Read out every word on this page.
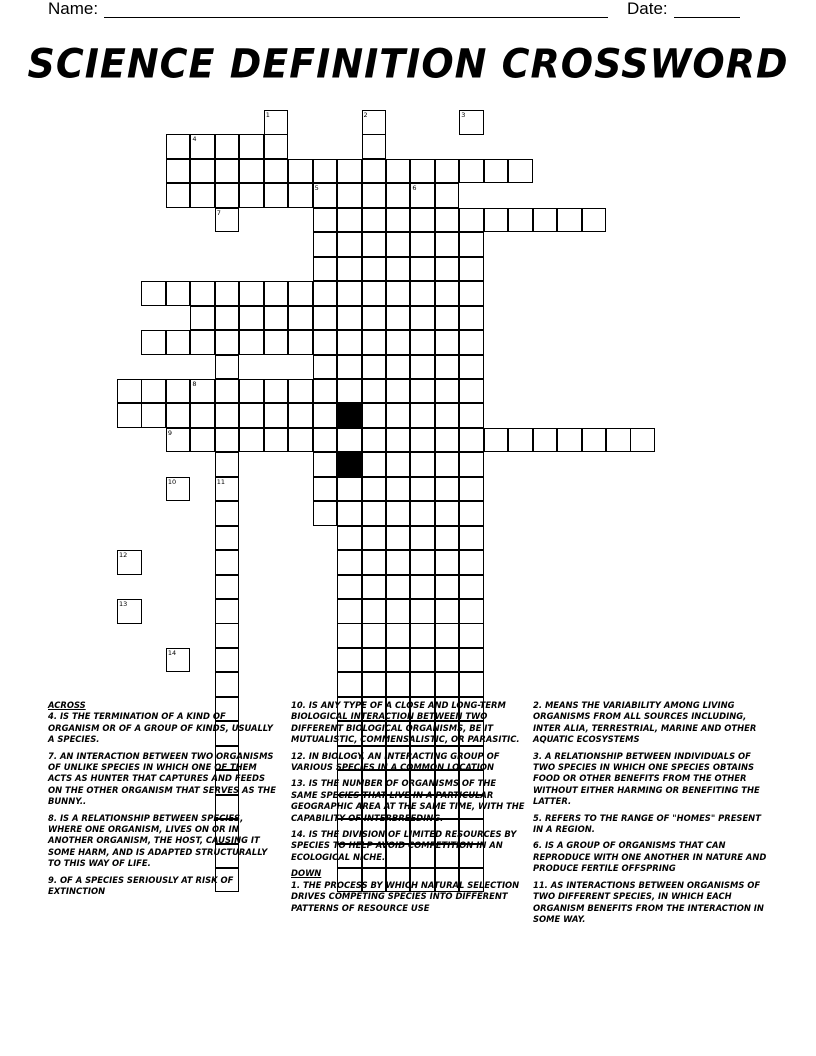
Name:	Date:
SCIENCE DEFINITION CROSSWORD
1	2	3
4
5	6
7
8
9
10	11
12
13
14
ACROSS
4. IS THE TERMINATION OF A KIND OF ORGANISM OR OF A GROUP OF KINDS, USUALLY A SPECIES.
7. AN INTERACTION BETWEEN TWO ORGANISMS OF UNLIKE SPECIES IN WHICH ONE OF THEM ACTS AS HUNTER THAT CAPTURES AND FEEDS ON THE OTHER ORGANISM THAT SERVES AS THE BUNNY..
8. IS A RELATIONSHIP BETWEEN SPECIES, WHERE ONE ORGANISM, LIVES ON OR IN ANOTHER ORGANISM, THE HOST, CAUSING IT SOME HARM, AND IS ADAPTED STRUCTURALLY TO THIS WAY OF LIFE.
9. OF A SPECIES SERIOUSLY AT RISK OF EXTINCTION
10. IS ANY TYPE OF A CLOSE AND LONG-TERM BIOLOGICAL INTERACTION BETWEEN TWO DIFFERENT BIOLOGICAL ORGANISMS, BE IT MUTUALISTIC, COMMENSALISTIC, OR PARASITIC.
12. IN BIOLOGY, AN INTERACTING GROUP OF VARIOUS SPECIES IN A COMMON LOCATION
13. IS THE NUMBER OF ORGANISMS OF THE SAME SPECIES THAT LIVE IN A PARTICULAR GEOGRAPHIC AREA AT THE SAME TIME, WITH THE CAPABILITY OF INTERBREEDING.
14. IS THE DIVISION OF LIMITED RESOURCES BY SPECIES TO HELP AVOID COMPETITION IN AN ECOLOGICAL NICHE.
DOWN
1. THE PROCESS BY WHICH NATURAL SELECTION DRIVES COMPETING SPECIES INTO DIFFERENT PATTERNS OF RESOURCE USE
2. MEANS THE VARIABILITY AMONG LIVING ORGANISMS FROM ALL SOURCES INCLUDING, INTER ALIA, TERRESTRIAL, MARINE AND OTHER AQUATIC ECOSYSTEMS
3. A RELATIONSHIP BETWEEN INDIVIDUALS OF TWO SPECIES IN WHICH ONE SPECIES OBTAINS FOOD OR OTHER BENEFITS FROM THE OTHER WITHOUT EITHER HARMING OR BENEFITING THE LATTER.
5. REFERS TO THE RANGE OF "HOMES" PRESENT IN A REGION.
6. IS A GROUP OF ORGANISMS THAT CAN REPRODUCE WITH ONE ANOTHER IN NATURE AND PRODUCE FERTILE OFFSPRING
11. AS INTERACTIONS BETWEEN ORGANISMS OF TWO DIFFERENT SPECIES, IN WHICH EACH ORGANISM BENEFITS FROM THE INTERACTION IN SOME WAY.
